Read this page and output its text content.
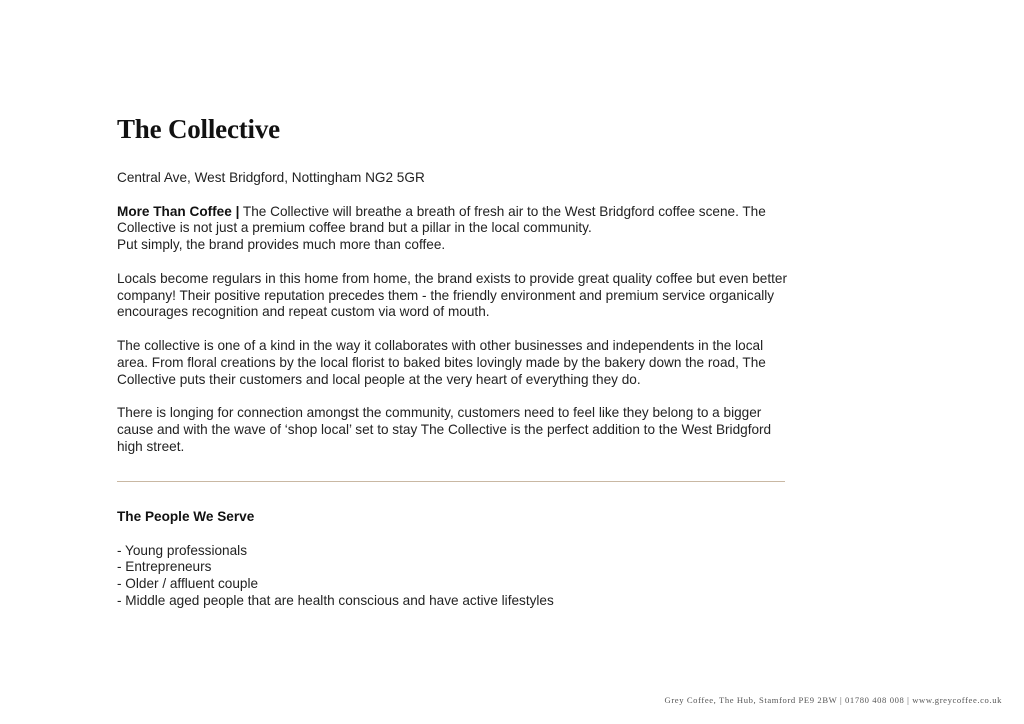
The Collective

Central Ave, West Bridgford, Nottingham NG2 5GR

More Than Coffee | The Collective will breathe a breath of fresh air to the West Bridgford coffee scene. The Collective is not just a premium coffee brand but a pillar in the local community.
Put simply, the brand provides much more than coffee.

Locals become regulars in this home from home, the brand exists to provide great quality coffee but even better company! Their positive reputation precedes them - the friendly environment and premium service organically encourages recognition and repeat custom via word of mouth.

The collective is one of a kind in the way it collaborates with other businesses and independents in the local area. From floral creations by the local florist to baked bites lovingly made by the bakery down the road, The Collective puts their customers and local people at the very heart of everything they do.

There is longing for connection amongst the community, customers need to feel like they belong to a bigger cause and with the wave of ‘shop local’ set to stay The Collective is the perfect addition to the West Bridgford high street.

The People We Serve
- Young professionals
- Entrepreneurs
- Older / affluent couple
- Middle aged people that are health conscious and have active lifestyles
Grey Coffee, The Hub, Stamford PE9 2BW | 01780 408 008 | www.greycoffee.co.uk
